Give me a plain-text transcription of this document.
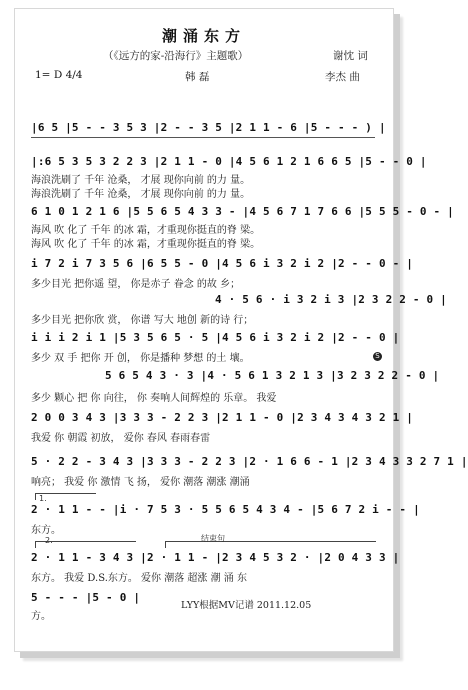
潮涌东方
（《远方的家-沿海行》主题歌）	谢忱 词
1= D 4/4	韩 磊	李杰 曲
|6 5 |5 - - 3 5 3 |2 - - 3 5 |2 1 1 - 6 |5 - - - ) |
|:6 5 3 5 3 2 2 3 |2 1 1 - 0 |4 5 6 1 2 1 6 6 5 |5 - - 0 |
海浪洗刷了 千年 沧桑， 才展 现你向前 的力 量。
海浪洗刷了 千年 沧桑， 才展 现你向前 的力 量。
6 1 0 1 2 1 6 |5 5 6 5 4 3 3 - |4 5 6 7 1 7 6 6 |5 5 5 - 0 - |
海风 吹 化了 千年 的冰 霜，才重现你挺直的脊 梁。
海风 吹 化了 千年 的冰 霜，才重现你挺直的脊 梁。
i 7 2 i 7 3 5 6 |6 5 5 - 0 |4 5 6 i 3 2 i 2 |2 - - 0 - |
多少目光 把你遥 望， 你是赤子 眷念 的故 乡；
4 · 5 6 · i 3 2 i 3 |2 3 2 2 - 0 |
多少目光 把你欣 赏， 你谱 写大 地创 新的诗 行；
i i i 2 i 1 |5 3 5 6 5 · 5 |4 5 6 i 3 2 i 2 |2 - - 0 |
多少 双 手 把你 开 创， 你是播种 梦想 的土 壤。	S
5 6 5 4 3 · 3 |4 · 5 6 1 3 2 1 3 |3 2 3 2 2 - 0 |
多少 颗心 把 你 向往， 你 奏响人间辉煌的 乐章。 我爱
2 0 0 3 4 3 |3 3 3 - 2 2 3 |2 1 1 - 0 |2 3 4 3 4 3 2 1 |
我爱 你 朝霞 初放， 爱你 春风 春雨春雷
5 · 2 2 - 3 4 3 |3 3 3 - 2 2 3 |2 · 1 6 6 - 1 |2 3 4 3 3 2 7 1 |
响亮； 我爱 你 激情 飞 扬， 爱你 潮落 潮涨 潮涌
1.
2 · 1 1 - - |i · 7 5 3 · 5 5 6 5 4 3 4 - |5 6 7 2 i - - |
东方。
2.	结束句
2 · 1 1 - 3 4 3 |2 · 1 1 - |2 3 4 5 3 2 · |2 0 4 3 3 |
东方。 我爱 D.S.东方。 爱你 潮落 超涨 潮 涌 东
5 - - - |5 - 0 |
方。
LYY根据MV记谱 2011.12.05
